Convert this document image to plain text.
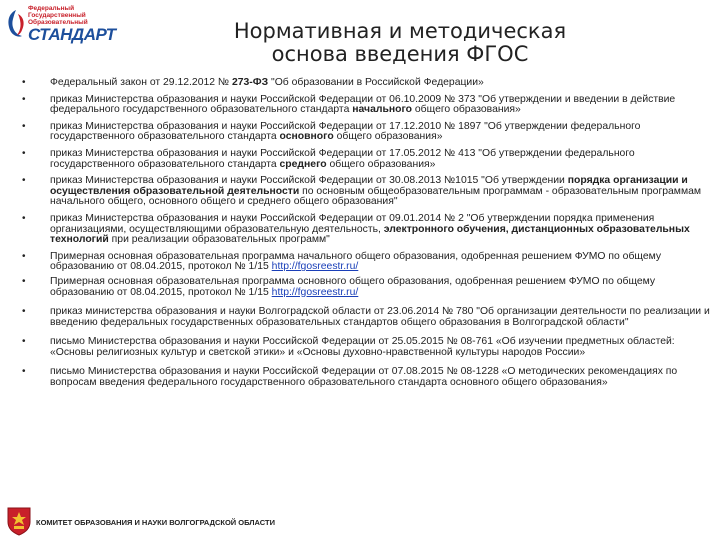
Федеральный
Государственный
Образовательный
СТАНДАРТ	Нормативная и методическая
основа введения ФГОС
• Федеральный закон от 29.12.2012 № 273-ФЗ "Об образовании в Российской Федерации»
• приказ Министерства образования и науки Российской Федерации от 06.10.2009 № 373 "Об утверждении и введении в действие федерального государственного образовательного стандарта начального общего образования»
• приказ Министерства образования и науки Российской Федерации от 17.12.2010 № 1897 "Об утверждении федерального государственного образовательного стандарта основного общего образования»
• приказ Министерства образования и науки Российской Федерации от 17.05.2012 № 413 "Об утверждении федерального государственного образовательного стандарта среднего общего образования»
• приказ Министерства образования и науки Российской Федерации от 30.08.2013 №1015 "Об утверждении порядка организации и осуществления образовательной деятельности по основным общеобразовательным программам - образовательным программам начального общего, основного общего и среднего общего образования"
• приказ Министерства образования и науки Российской Федерации от 09.01.2014 № 2 "Об утверждении порядка применения организациями, осуществляющими образовательную деятельность, электронного обучения, дистанционных образовательных технологий при реализации образовательных программ"
• Примерная основная образовательная программа начального общего образования, одобренная решением ФУМО по общему образованию от 08.04.2015, протокол № 1/15 http://fgosreestr.ru/
• Примерная основная образовательная программа основного общего образования, одобренная решением ФУМО по общему образованию от 08.04.2015, протокол № 1/15 http://fgosreestr.ru/
• приказ министерства образования и науки Волгоградской области от 23.06.2014 № 780 "Об организации деятельности по реализации и введению федеральных государственных образовательных стандартов общего образования в Волгоградской области"
• письмо Министерства образования и науки Российской Федерации от 25.05.2015 № 08-761 «Об изучении предметных областей: «Основы религиозных культур и светской этики» и «Основы духовно-нравственной культуры народов России»
• письмо Министерства образования и науки Российской Федерации от 07.08.2015 № 08-1228 «О методических рекомендациях по вопросам введения федерального государственного образовательного стандарта основного общего образования»
КОМИТЕТ ОБРАЗОВАНИЯ И НАУКИ ВОЛГОГРАДСКОЙ ОБЛАСТИ
